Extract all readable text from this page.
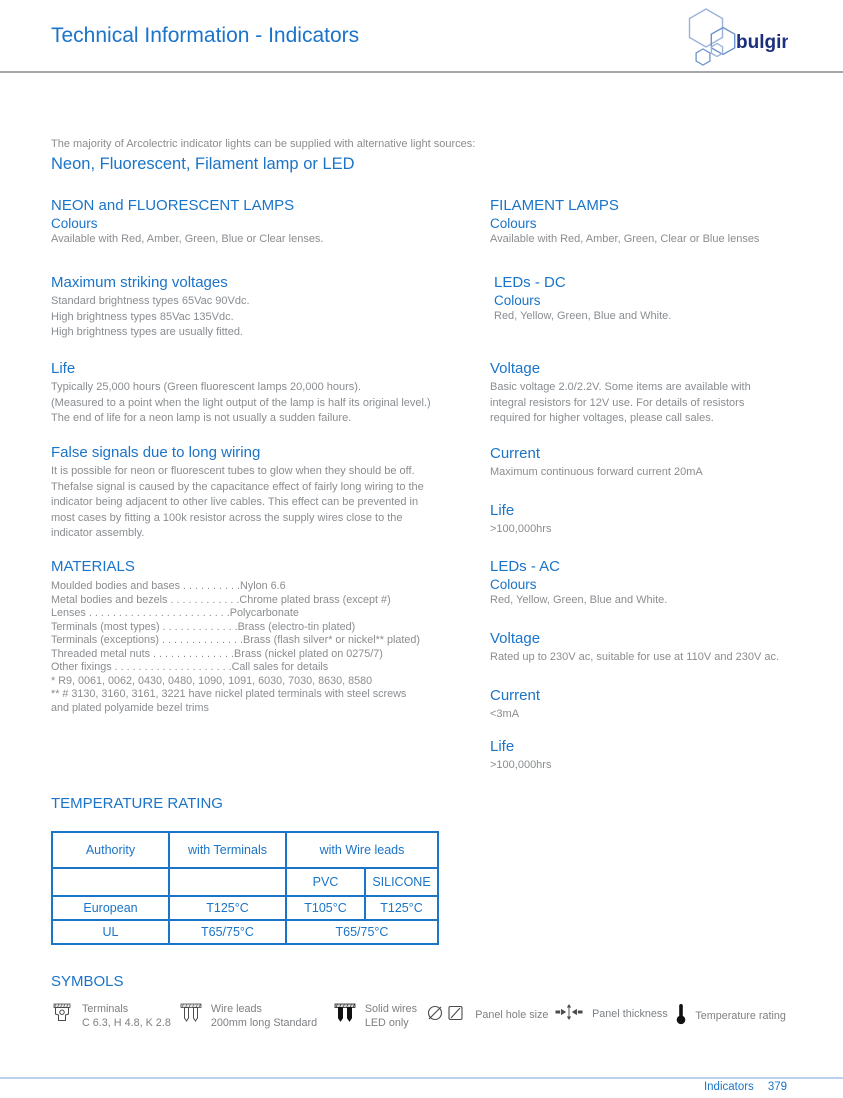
Technical Information - Indicators	bulgin
The majority of Arcolectric indicator lights can be supplied with alternative light sources:
Neon, Fluorescent, Filament lamp or LED
NEON and FLUORESCENT LAMPS
Colours
Available with Red, Amber, Green, Blue or Clear lenses.
Maximum striking voltages
Standard brightness types 65Vac 90Vdc.
High brightness types 85Vac 135Vdc.
High brightness types are usually fitted.
Life
Typically 25,000 hours (Green fluorescent lamps 20,000 hours).
(Measured to a point when the light output of the lamp is half its original level.)
The end of life for a neon lamp is not usually a sudden failure.
False signals due to long wiring
It is possible for neon or fluorescent tubes to glow when they should be off.
Thefalse signal is caused by the capacitance effect of fairly long wiring to the
indicator being adjacent to other live cables. This effect can be prevented in
most cases by fitting a 100k resistor across the supply wires close to the
indicator assembly.
MATERIALS
Moulded bodies and bases . . . . . . . . . .Nylon 6.6
Metal bodies and bezels . . . . . . . . . . . .Chrome plated brass (except #)
Lenses . . . . . . . . . . . . . . . . . . . . . . . .Polycarbonate
Terminals (most types) . . . . . . . . . . . . .Brass (electro-tin plated)
Terminals (exceptions) . . . . . . . . . . . . . .Brass (flash silver* or nickel** plated)
Threaded metal nuts . . . . . . . . . . . . . .Brass (nickel plated on 0275/7)
Other fixings . . . . . . . . . . . . . . . . . . . .Call sales for details
* R9, 0061, 0062, 0430, 0480, 1090, 1091, 6030, 7030, 8630, 8580
** # 3130, 3160, 3161, 3221 have nickel plated terminals with steel screws
and plated polyamide bezel trims
FILAMENT LAMPS
Colours
Available with Red, Amber, Green, Clear or Blue lenses
LEDs - DC
Colours
Red, Yellow, Green, Blue and White.
Voltage
Basic voltage 2.0/2.2V. Some items are available with
integral resistors for 12V use. For details of resistors
required for higher voltages, please call sales.
Current
Maximum continuous forward current 20mA
Life
>100,000hrs
LEDs - AC
Colours
Red, Yellow, Green, Blue and White.
Voltage
Rated up to 230V ac, suitable for use at 110V and 230V ac.
Current
<3mA
Life
>100,000hrs
TEMPERATURE RATING
Authority	with Terminals	with Wire leads	
		PVC	SILICONE
European	T125°C	T105°C	T125°C
UL	T65/75°C	T65/75°C	
SYMBOLS
Terminals
C 6.3, H 4.8, K 2.8
Wire leads
200mm long Standard
Solid wires
LED only
Panel hole size	Panel thickness	Temperature rating
Indicators 379
